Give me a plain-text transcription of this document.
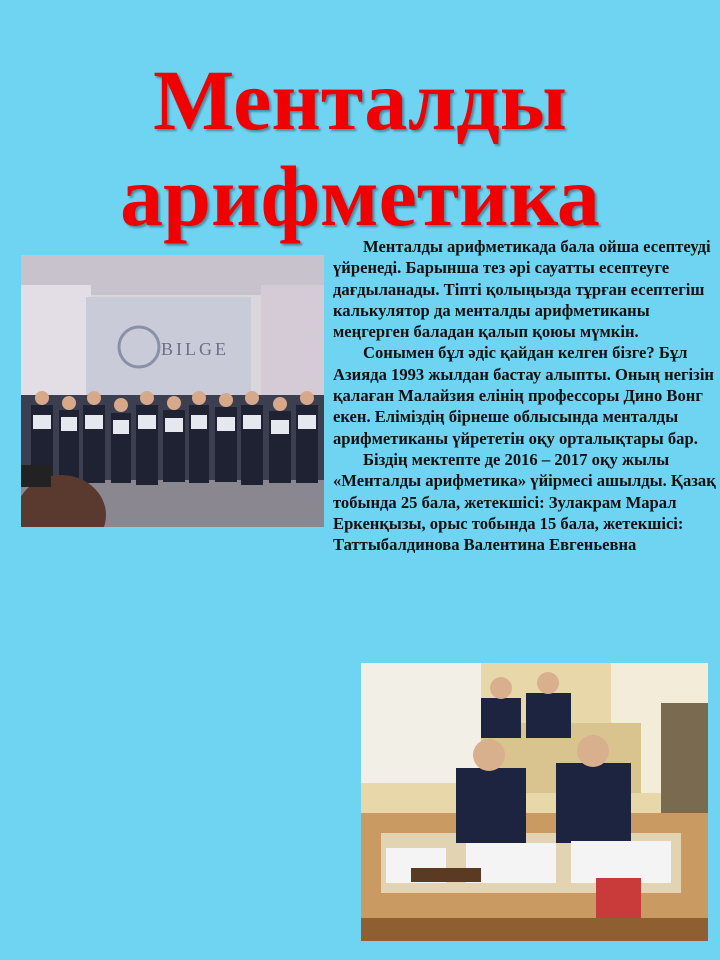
Менталды
арифметика
BILGE

Менталды арифметикада бала ойша есептеуді үйренеді. Барынша тез әрі сауатты есептеуге дағдыланады. Тіпті қолыңызда тұрған есептегіш калькулятор да менталды арифметиканы меңгерген баладан қалып қоюы мүмкін.

Сонымен бұл әдіс қайдан келген бізге? Бұл Азияда 1993 жылдан бастау алыпты. Оның негізін қалаған Малайзия елінің профессоры Дино Вонг екен. Еліміздің бірнеше облысында менталды арифметиканы үйрететін оқу орталықтары бар.

Біздің мектепте де 2016 – 2017 оқу жылы «Менталды арифметика» үйірмесі ашылды. Қазақ тобында 25 бала, жетекшісі: Зулакрам Марал Еркенқызы, орыс тобында 15 бала, жетекшісі: Таттыбалдинова Валентина Евгеньевна
